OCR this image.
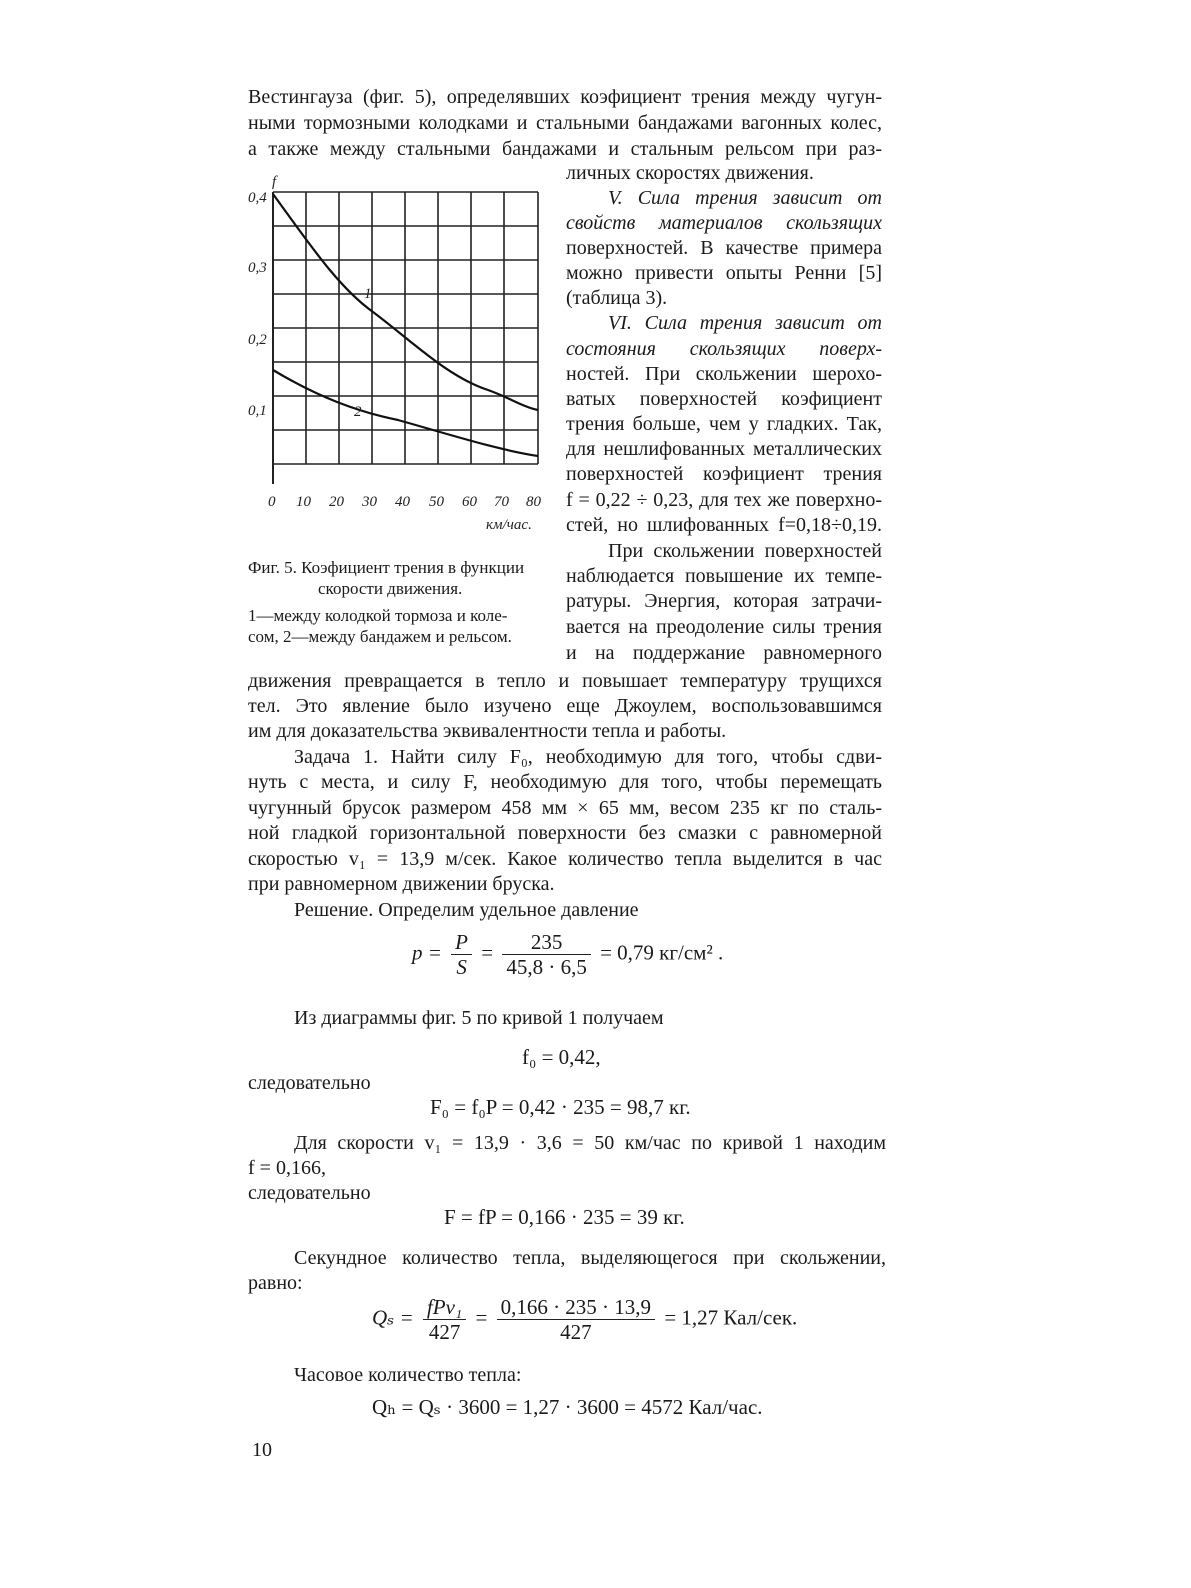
Вестингауза (фиг. 5), определявших коэфициент трения между чугун-
ными тормозными колодками и стальными бандажами вагонных колес,
а также между стальными бандажами и стальным рельсом при раз-
личных скоростях движения.
V. Сила трения зависит от
свойств материалов скользящих
поверхностей. В качестве примера
можно привести опыты Ренни [5]
(таблица 3).
VI. Сила трения зависит от
состояния скользящих поверх-
ностей. При скольжении шерохо-
ватых поверхностей коэфициент
трения больше, чем у гладких. Так,
для нешлифованных металлических
поверхностей коэфициент трения
f = 0,22 ÷ 0,23, для тех же поверхно-
стей, но шлифованных f=0,18÷0,19.
При скольжении поверхностей
наблюдается повышение их темпе-
ратуры. Энергия, которая затрачи-
вается на преодоление силы трения
и на поддержание равномерного
f
0,4
0,3
0,2
0,1
1
2
0 10 20 30 40 50 60 70 80
км/час.
Фиг. 5. Коэфициент трения в функции
скорости движения.
1—между колодкой тормоза и коле-
сом, 2—между бандажем и рельсом.
движения превращается в тепло и повышает температуру трущихся
тел. Это явление было изучено еще Джоулем, воспользовавшимся
им для доказательства эквивалентности тепла и работы.
Задача 1. Найти силу F₀, необходимую для того, чтобы сдви-
нуть с места, и силу F, необходимую для того, чтобы перемещать
чугунный брусок размером 458 мм × 65 мм, весом 235 кг по сталь-
ной гладкой горизонтальной поверхности без смазки с равномерной
скоростью v₁ = 13,9 м/сек. Какое количество тепла выделится в час
при равномерном движении бруска.
Решение. Определим удельное давление
$p = \frac{P}{S} = \frac{235}{45,8 \cdot 6,5} = 0,79$ кг/см² .
Из диаграммы фиг. 5 по кривой 1 получаем
f₀ = 0,42,
следовательно
F₀ = f₀P = 0,42 · 235 = 98,7 кг.
Для скорости v₁ = 13,9 · 3,6 = 50 км/час по кривой 1 находим
f = 0,166,
следовательно
F = fP = 0,166 · 235 = 39 кг.
Секундное количество тепла, выделяющегося при скольжении,
равно:
$Q_s = \frac{\text{fPv₁}}{427} = \frac{0,166 \cdot 235 \cdot 13,9}{427} = 1,27$ Кал/сек.
Часовое количество тепла:
Qₕ = Qₛ · 3600 = 1,27 · 3600 = 4572 Кал/час.
10
